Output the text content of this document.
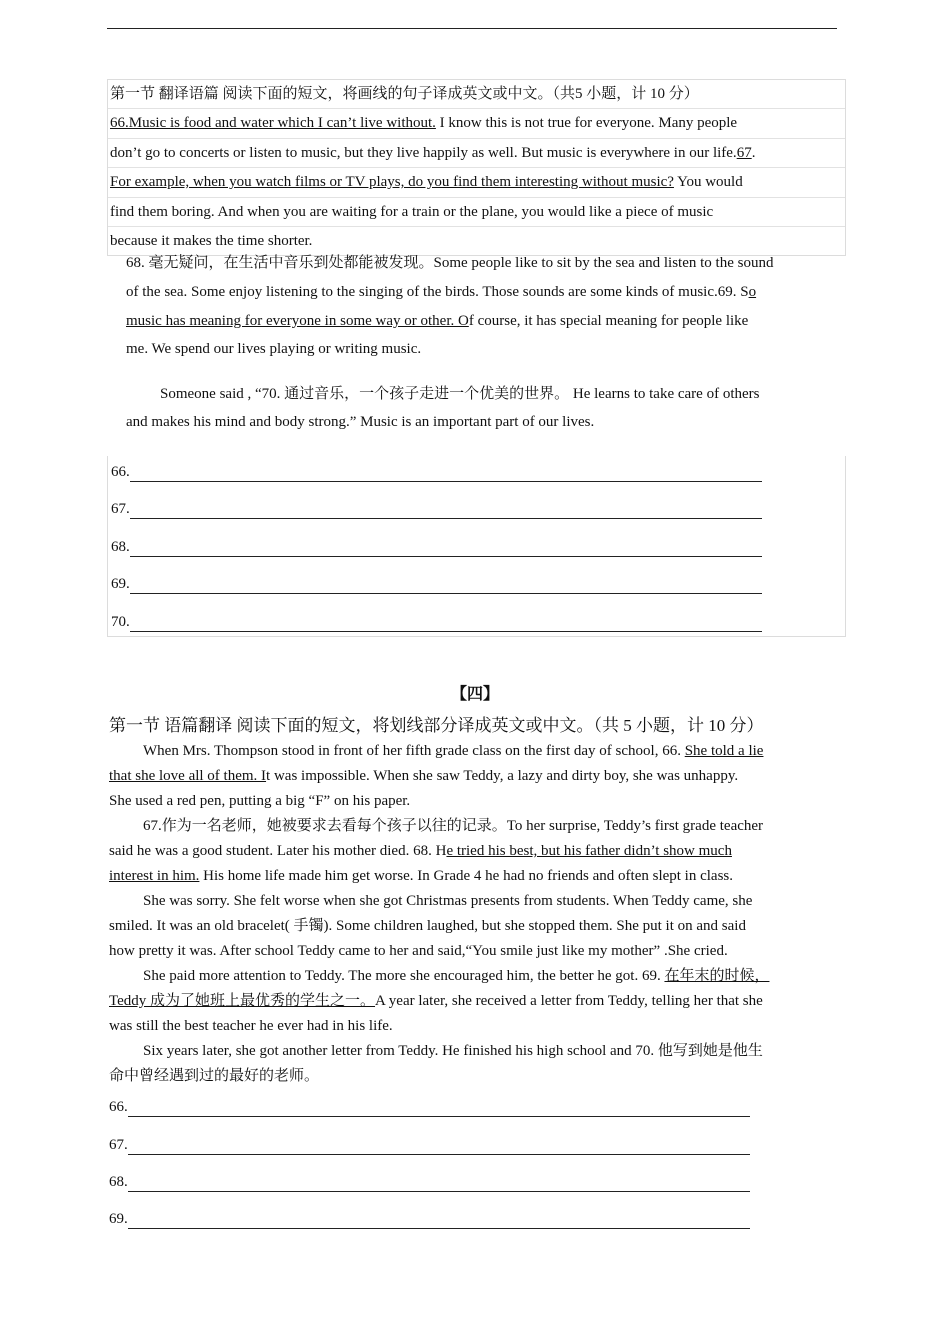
第一节 翻译语篇 阅读下面的短文，将画线的句子译成英文或中文。（共5 小题，计 10 分）
66.Music is food and water which I can’t live without. I know this is not true for everyone. Many people
don’t go to concerts or listen to music, but they live happily as well. But music is everywhere in our life.67.
For example, when you watch films or TV plays, do you find them interesting without music? You would
find them boring. And when you are waiting for a train or the plane, you would like a piece of music
because it makes the time shorter.
68. 毫无疑问，在生活中音乐到处都能被发现。Some people like to sit by the sea and listen to the sound
of the sea. Some enjoy listening to the singing of the birds. Those sounds are some kinds of music.69. So
music has meaning for everyone in some way or other. Of course, it has special meaning for people like
me. We spend our lives playing or writing music.
Someone said , “70. 通过音乐，一个孩子走进一个优美的世界。 He learns to take care of others
and makes his mind and body strong.” Music is an important part of our lives.
66.
67.
68.
69.
70.
【四】
第一节 语篇翻译 阅读下面的短文，将划线部分译成英文或中文。（共 5 小题，计 10 分）
When Mrs. Thompson stood in front of her fifth grade class on the first day of school, 66. She told a lie
that she love all of them. It was impossible. When she saw Teddy, a lazy and dirty boy, she was unhappy.
She used a red pen, putting a big “F” on his paper.
67.作为一名老师，她被要求去看每个孩子以往的记录。To her surprise, Teddy’s first grade teacher
said he was a good student. Later his mother died. 68. He tried his best, but his father didn’t show much
interest in him. His home life made him get worse. In Grade 4 he had no friends and often slept in class.
She was sorry. She felt worse when she got Christmas presents from students. When Teddy came, she
smiled. It was an old bracelet( 手镯). Some children laughed, but she stopped them. She put it on and said
how pretty it was. After school Teddy came to her and said,“You smile just like my mother” .She cried.
She paid more attention to Teddy. The more she encouraged him, the better he got. 69. 在年末的时候，
Teddy 成为了她班上最优秀的学生之一。A year later, she received a letter from Teddy, telling her that she
was still the best teacher he ever had in his life.
Six years later, she got another letter from Teddy. He finished his high school and 70. 他写到她是他生
命中曾经遇到过的最好的老师。
66.
67.
68.
69.
